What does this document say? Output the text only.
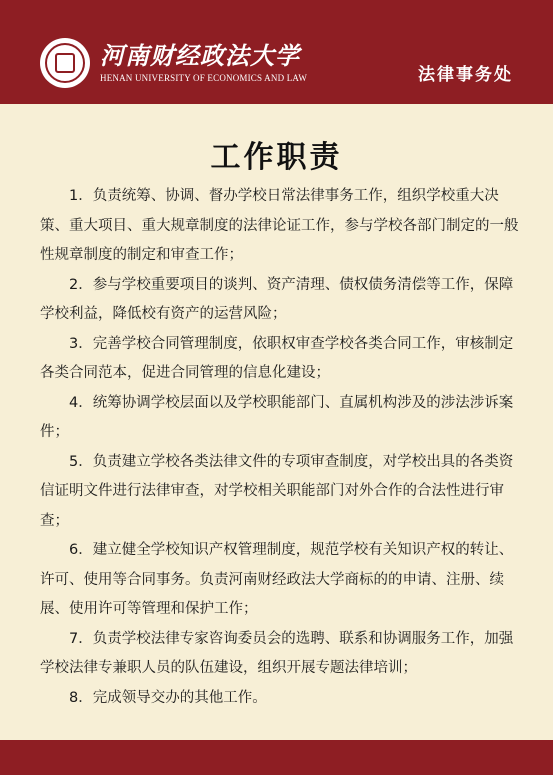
河南财经政法大学
HENAN UNIVERSITY OF ECONOMICS AND LAW	法律事务处
工作职责

1．负责统筹、协调、督办学校日常法律事务工作，组织学校重大决策、重大项目、重大规章制度的法律论证工作，参与学校各部门制定的一般性规章制度的制定和审查工作；

2．参与学校重要项目的谈判、资产清理、债权债务清偿等工作，保障学校利益，降低校有资产的运营风险；

3．完善学校合同管理制度，依职权审查学校各类合同工作，审核制定各类合同范本，促进合同管理的信息化建设；

4．统筹协调学校层面以及学校职能部门、直属机构涉及的涉法涉诉案件；

5．负责建立学校各类法律文件的专项审查制度，对学校出具的各类资信证明文件进行法律审查，对学校相关职能部门对外合作的合法性进行审查；

6．建立健全学校知识产权管理制度，规范学校有关知识产权的转让、许可、使用等合同事务。负责河南财经政法大学商标的的申请、注册、续展、使用许可等管理和保护工作；

7．负责学校法律专家咨询委员会的选聘、联系和协调服务工作，加强学校法律专兼职人员的队伍建设，组织开展专题法律培训；

8．完成领导交办的其他工作。
